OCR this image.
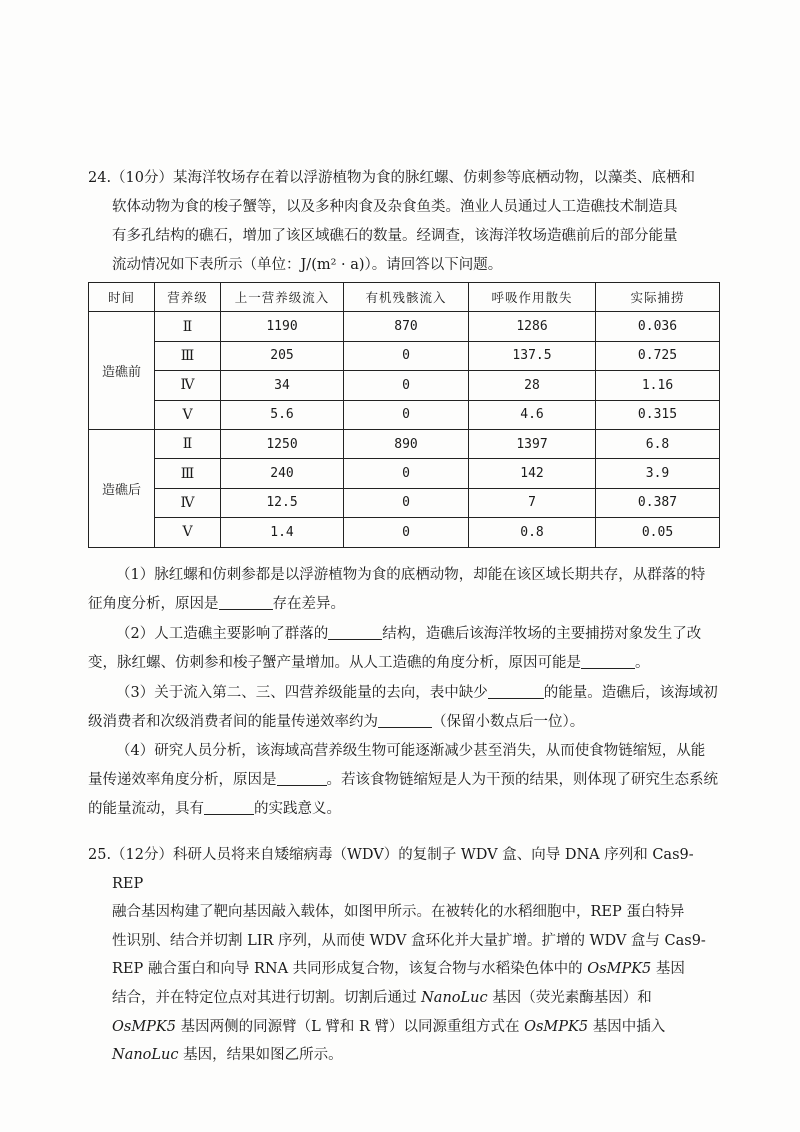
24.（10分）某海洋牧场存在着以浮游植物为食的脉红螺、仿刺参等底栖动物，以藻类、底栖和
软体动物为食的梭子蟹等，以及多种肉食及杂食鱼类。渔业人员通过人工造礁技术制造具
有多孔结构的礁石，增加了该区域礁石的数量。经调查，该海洋牧场造礁前后的部分能量
流动情况如下表所示（单位：J/(m² · a)）。请回答以下问题。
时间	营养级	上一营养级流入	有机残骸流入	呼吸作用散失	实际捕捞
造礁前	Ⅱ	1190	870	1286	0.036
	Ⅲ	205	0	137.5	0.725
	Ⅳ	34	0	28	1.16
	Ⅴ	5.6	0	4.6	0.315
造礁后	Ⅱ	1250	890	1397	6.8
	Ⅲ	240	0	142	3.9
	Ⅳ	12.5	0	7	0.387
	Ⅴ	1.4	0	0.8	0.05
（1）脉红螺和仿刺参都是以浮游植物为食的底栖动物，却能在该区域长期共存，从群落的特征角度分析，原因是	存在差异。
（2）人工造礁主要影响了群落的	结构，造礁后该海洋牧场的主要捕捞对象发生了改变，脉红螺、仿刺参和梭子蟹产量增加。从人工造礁的角度分析，原因可能是	。
（3）关于流入第二、三、四营养级能量的去向，表中缺少	的能量。造礁后，该海域初级消费者和次级消费者间的能量传递效率约为	（保留小数点后一位）。
（4）研究人员分析，该海域高营养级生物可能逐渐减少甚至消失，从而使食物链缩短，从能量传递效率角度分析，原因是	。若该食物链缩短是人为干预的结果，则体现了研究生态系统的能量流动，具有	的实践意义。
25.（12分）科研人员将来自矮缩病毒（WDV）的复制子 WDV 盒、向导 DNA 序列和 Cas9-REP
融合基因构建了靶向基因敲入载体，如图甲所示。在被转化的水稻细胞中，REP 蛋白特异
性识别、结合并切割 LIR 序列，从而使 WDV 盒环化并大量扩增。扩增的 WDV 盒与 Cas9-
REP 融合蛋白和向导 RNA 共同形成复合物，该复合物与水稻染色体中的 OsMPK5 基因
结合，并在特定位点对其进行切割。切割后通过 NanoLuc 基因（荧光素酶基因）和
OsMPK5 基因两侧的同源臂（L 臂和 R 臂）以同源重组方式在 OsMPK5 基因中插入
NanoLuc 基因，结果如图乙所示。
